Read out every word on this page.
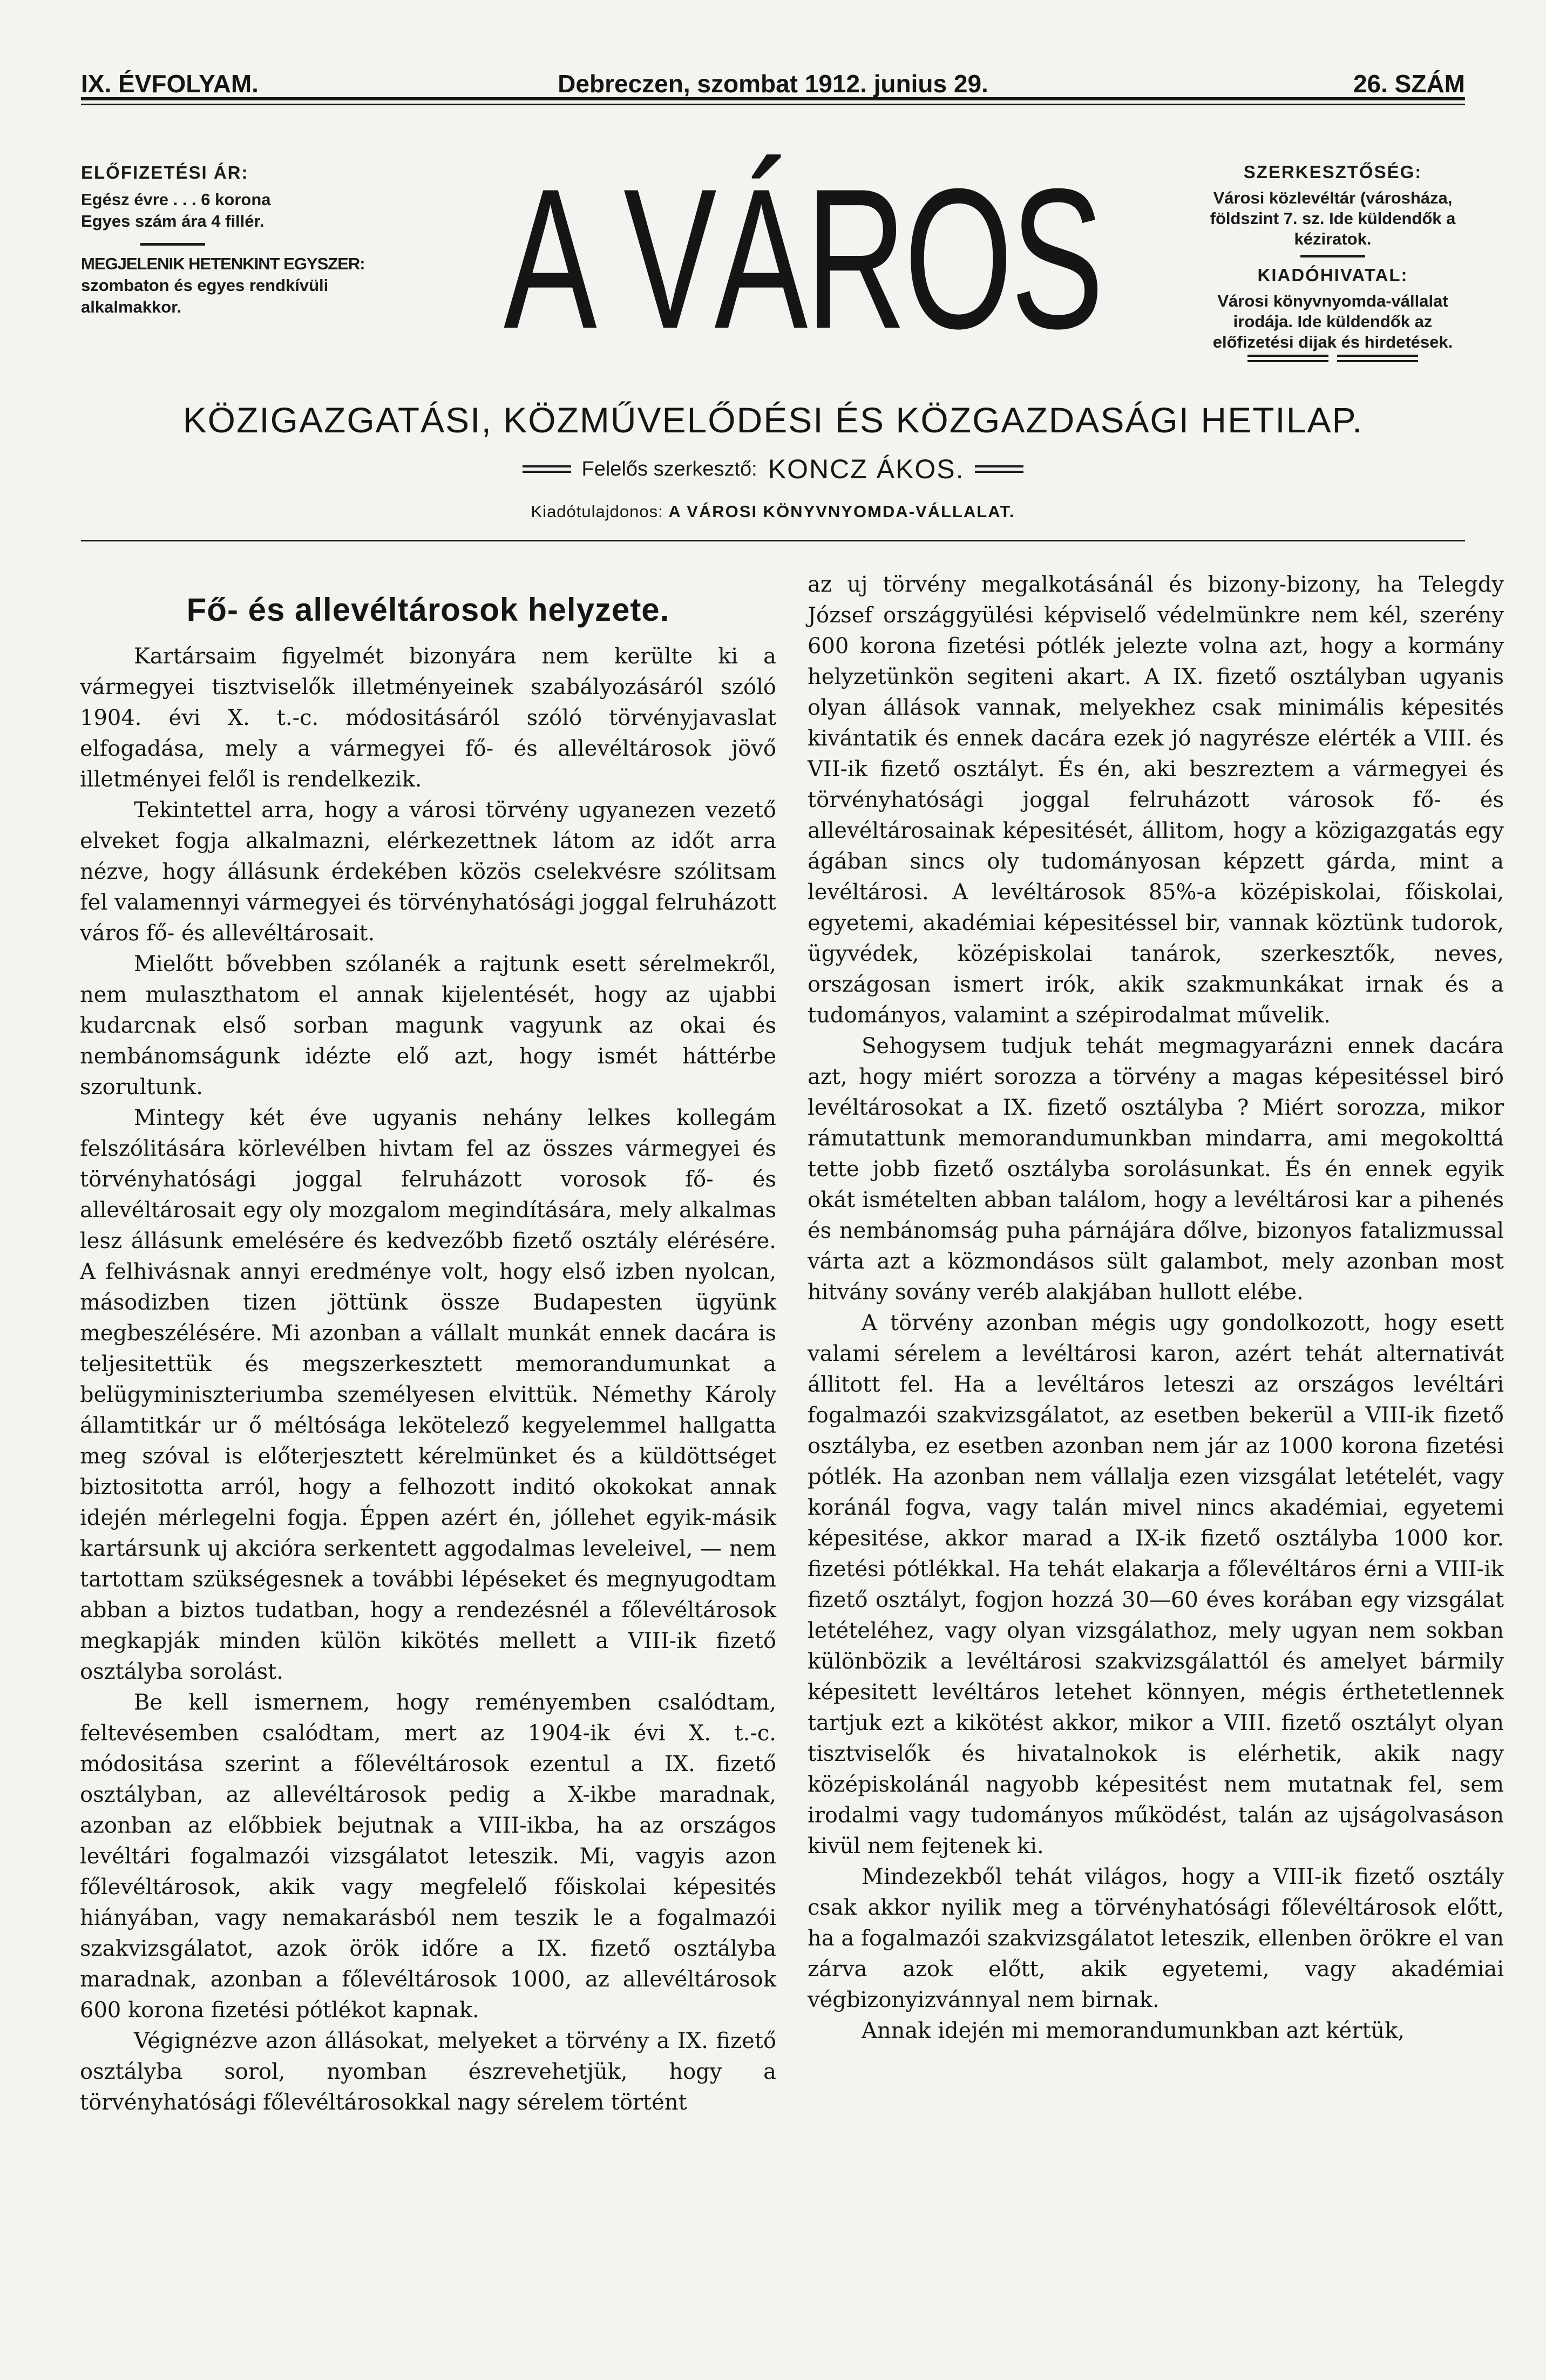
IX. ÉVFOLYAM.	Debreczen, szombat 1912. junius 29.	26. SZÁM
ELŐFIZETÉSI ÁR:

Egész évre . . . 6 korona

Egyes szám ára 4 fillér.

MEGJELENIK HETENKINT EGYSZER:

szombaton és egyes rendkívüli alkalmakkor.	A VÁROS	SZERKESZTŐSÉG:

Városi közlevéltár (városháza, földszint 7. sz. Ide küldendők a kéziratok.

KIADÓHIVATAL:

Városi könyvnyomda-vállalat irodája. Ide küldendők az előfizetési dijak és hirdetések.

KÖZIGAZGATÁSI, KÖZMŰVELŐDÉSI ÉS KÖZGAZDASÁGI HETILAP.
Felelős szerkesztő: KONCZ ÁKOS.
Kiadótulajdonos: A VÁROSI KÖNYVNYOMDA-VÁLLALAT.
Fő- és allevéltárosok helyzete.

Kartársaim figyelmét bizonyára nem kerülte ki a vármegyei tisztviselők illetményeinek szabályozásáról szóló 1904. évi X. t.-c. módositásáról szóló törvényjavaslat elfogadása, mely a vármegyei fő- és allevéltárosok jövő illetményei felől is rendelkezik.

Tekintettel arra, hogy a városi törvény ugyanezen vezető elveket fogja alkalmazni, elérkezettnek látom az időt arra nézve, hogy állásunk érdekében közös cselekvésre szólitsam fel valamennyi vármegyei és törvényhatósági joggal felruházott város fő- és allevéltárosait.

Mielőtt bővebben szólanék a rajtunk esett sérelmekről, nem mulaszthatom el annak kijelentését, hogy az ujabbi kudarcnak első sorban magunk vagyunk az okai és nembánomságunk idézte elő azt, hogy ismét háttérbe szorultunk.

Mintegy két éve ugyanis nehány lelkes kollegám felszólitására körlevélben hivtam fel az összes vármegyei és törvényhatósági joggal felruházott vorosok fő- és allevéltárosait egy oly mozgalom megindítására, mely alkalmas lesz állásunk emelésére és kedvezőbb fizető osztály elérésére. A felhivásnak annyi eredménye volt, hogy első izben nyolcan, másodizben tizen jöttünk össze Budapesten ügyünk megbeszélésére. Mi azonban a vállalt munkát ennek dacára is teljesitettük és megszerkesztett memorandumunkat a belügyminiszteriumba személyesen elvittük. Némethy Károly államtitkár ur ő méltósága lekötelező kegyelemmel hallgatta meg szóval is előterjesztett kérelmünket és a küldöttséget biztositotta arról, hogy a felhozott inditó okokokat annak idején mérlegelni fogja. Éppen azért én, jóllehet egyik-másik kartársunk uj akcióra serkentett aggodalmas leveleivel, — nem tartottam szükségesnek a további lépéseket és megnyugodtam abban a biztos tudatban, hogy a rendezésnél a főlevéltárosok megkapják minden külön kikötés mellett a VIII-ik fizető osztályba sorolást.

Be kell ismernem, hogy reményemben csalódtam, feltevésemben csalódtam, mert az 1904-ik évi X. t.-c. módositása szerint a főlevéltárosok ezentul a IX. fizető osztályban, az allevéltárosok pedig a X-ikbe maradnak, azonban az előbbiek bejutnak a VIII-ikba, ha az országos levéltári fogalmazói vizsgálatot leteszik. Mi, vagyis azon főlevéltárosok, akik vagy megfelelő főiskolai képesités hiányában, vagy nemakarásból nem teszik le a fogalmazói szakvizsgálatot, azok örök időre a IX. fizető osztályba maradnak, azonban a főlevéltárosok 1000, az allevéltárosok 600 korona fizetési pótlékot kapnak.

Végignézve azon állásokat, melyeket a törvény a IX. fizető osztályba sorol, nyomban észrevehetjük, hogy a törvényhatósági főlevéltárosokkal nagy sérelem történt

az uj törvény megalkotásánál és bizony-bizony, ha Telegdy József országgyülési képviselő védelmünkre nem kél, szerény 600 korona fizetési pótlék jelezte volna azt, hogy a kormány helyzetünkön segiteni akart. A IX. fizető osztályban ugyanis olyan állások vannak, melyekhez csak minimális képesités kivántatik és ennek dacára ezek jó nagyrésze elérték a VIII. és VII-ik fizető osztályt. És én, aki beszreztem a vármegyei és törvényhatósági joggal felruházott városok fő- és allevéltárosainak képesitését, állitom, hogy a közigazgatás egy ágában sincs oly tudományosan képzett gárda, mint a levéltárosi. A levéltárosok 85%-a középiskolai, főiskolai, egyetemi, akadémiai képesitéssel bir, vannak köztünk tudorok, ügyvédek, középiskolai tanárok, szerkesztők, neves, országosan ismert irók, akik szakmunkákat irnak és a tudományos, valamint a szépirodalmat művelik.

Sehogysem tudjuk tehát megmagyarázni ennek dacára azt, hogy miért sorozza a törvény a magas képesitéssel biró levéltárosokat a IX. fizető osztályba ? Miért sorozza, mikor rámutattunk memorandumunkban mindarra, ami megokolttá tette jobb fizető osztályba sorolásunkat. És én ennek egyik okát ismételten abban találom, hogy a levéltárosi kar a pihenés és nembánomság puha párnájára dőlve, bizonyos fatalizmussal várta azt a közmondásos sült galambot, mely azonban most hitvány sovány veréb alakjában hullott elébe.

A törvény azonban mégis ugy gondolkozott, hogy esett valami sérelem a levéltárosi karon, azért tehát alternativát állitott fel. Ha a levéltáros leteszi az országos levéltári fogalmazói szakvizsgálatot, az esetben bekerül a VIII-ik fizető osztályba, ez esetben azonban nem jár az 1000 korona fizetési pótlék. Ha azonban nem vállalja ezen vizsgálat letételét, vagy koránál fogva, vagy talán mivel nincs akadémiai, egyetemi képesitése, akkor marad a IX-ik fizető osztályba 1000 kor. fizetési pótlékkal. Ha tehát elakarja a főlevéltáros érni a VIII-ik fizető osztályt, fogjon hozzá 30—60 éves korában egy vizsgálat letételéhez, vagy olyan vizsgálathoz, mely ugyan nem sokban különbözik a levéltárosi szakvizsgálattól és amelyet bármily képesitett levéltáros letehet könnyen, mégis érthetetlennek tartjuk ezt a kikötést akkor, mikor a VIII. fizető osztályt olyan tisztviselők és hivatalnokok is elérhetik, akik nagy középiskolánál nagyobb képesitést nem mutatnak fel, sem irodalmi vagy tudományos működést, talán az ujságolvasáson kivül nem fejtenek ki.

Mindezekből tehát világos, hogy a VIII-ik fizető osztály csak akkor nyilik meg a törvényhatósági főlevéltárosok előtt, ha a fogalmazói szakvizsgálatot leteszik, ellenben örökre el van zárva azok előtt, akik egyetemi, vagy akadémiai végbizonyizvánnyal nem birnak.

Annak idején mi memorandumunkban azt kértük,
